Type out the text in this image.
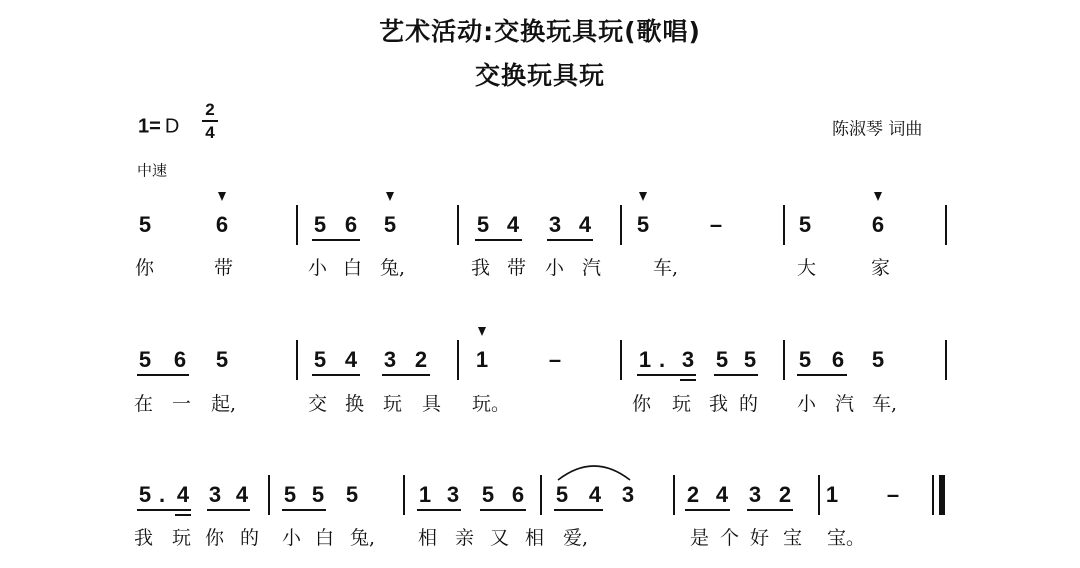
艺术活动:交换玩具玩(歌唱)
交换玩具玩
1= D
2
4	陈淑琴 词曲
中速
5	6	5 6 5	5 4 3 4 5	–	5	6
你	带	小 白 兔,	我 带 小 汽	车,	大	家
5 6 5	5 4 3 2 1	–	1 . 3 5 5 5 6 5
在 一 起,	交 换 玩 具 玩。	你 玩 我 的 小 汽 车,
5 . 4 3 4 5 5 5	1 3 5 6 5 4 3 2 4 3 2 1 –
我 玩 你 的 小 白 兔, 相 亲 又 相 爱,	是 个 好 宝 宝。
